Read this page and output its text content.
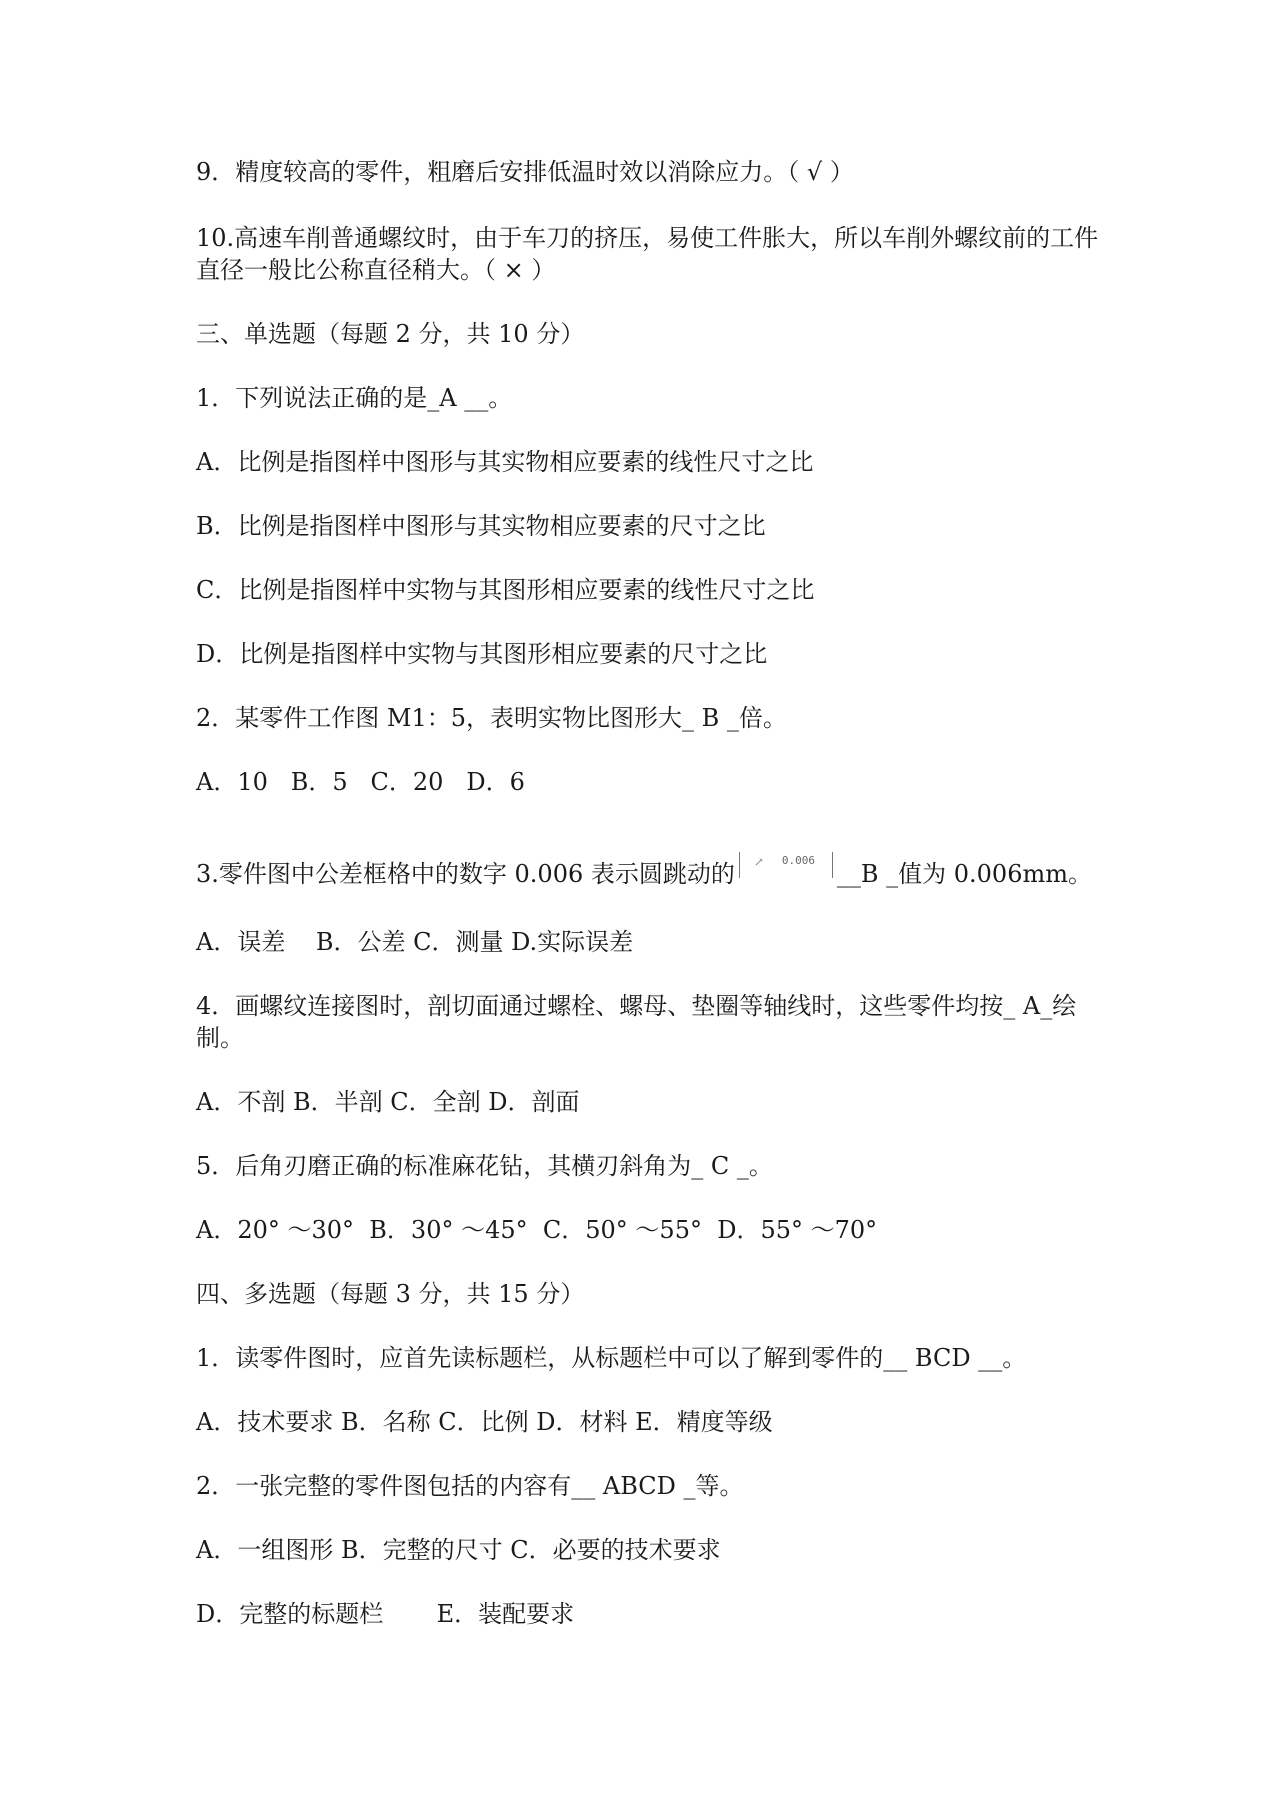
9．精度较高的零件，粗磨后安排低温时效以消除应力。（ √ ）
10.高速车削普通螺纹时，由于车刀的挤压，易使工件胀大，所以车削外螺纹前的工件直径一般比公称直径稍大。（ × ）
三、单选题（每题 2 分，共 10 分）
1．下列说法正确的是_A __。
A．比例是指图样中图形与其实物相应要素的线性尺寸之比
B．比例是指图样中图形与其实物相应要素的尺寸之比
C．比例是指图样中实物与其图形相应要素的线性尺寸之比
D．比例是指图样中实物与其图形相应要素的尺寸之比
2．某零件工作图 M1：5，表明实物比图形大_ B _倍。
A．10   B．5   C．20   D．6
3.零件图中公差框格中的数字 0.006 表示圆跳动的 ↗ 0.006 __B _值为 0.006mm。
A．误差    B．公差 C．测量 D.实际误差
4．画螺纹连接图时，剖切面通过螺栓、螺母、垫圈等轴线时，这些零件均按_ A_绘制。
A．不剖 B．半剖 C．全剖 D．剖面
5．后角刃磨正确的标准麻花钻，其横刃斜角为_ C _。
A．20° ～30°  B．30° ～45°  C．50° ～55°  D．55° ～70°
四、多选题（每题 3 分，共 15 分）
1．读零件图时，应首先读标题栏，从标题栏中可以了解到零件的__ BCD __。
A．技术要求 B．名称 C．比例 D．材料 E．精度等级
2．一张完整的零件图包括的内容有__ ABCD _等。
A．一组图形 B．完整的尺寸 C．必要的技术要求
D．完整的标题栏       E．装配要求
